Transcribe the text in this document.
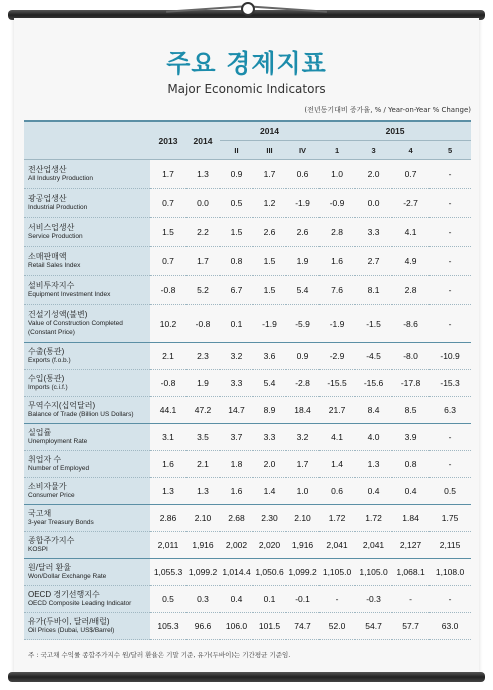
주요 경제지표
Major Economic Indicators
(전년동기대비 증가율, % / Year-on-Year % Change)
	2013	2014	2014			2015			
			II	III	IV	1	3	4	5

전산업생산
All Industry Production	1.7	1.3	0.9	1.7	0.6	1.0	2.0	0.7	-

광공업생산
Industrial Production	0.7	0.0	0.5	1.2	-1.9	-0.9	0.0	-2.7	-

서비스업생산
Service Production	1.5	2.2	1.5	2.6	2.6	2.8	3.3	4.1	-

소매판매액
Retail Sales Index	0.7	1.7	0.8	1.5	1.9	1.6	2.7	4.9	-

설비투자지수
Equipment Investment Index	-0.8	5.2	6.7	1.5	5.4	7.6	8.1	2.8	-

건설기성액(불변)
Value of Construction Completed
(Constant Price)	10.2	-0.8	0.1	-1.9	-5.9	-1.9	-1.5	-8.6	-

수출(통관)
Exports (f.o.b.)	2.1	2.3	3.2	3.6	0.9	-2.9	-4.5	-8.0	-10.9

수입(통관)
Imports (c.i.f.)	-0.8	1.9	3.3	5.4	-2.8	-15.5	-15.6	-17.8	-15.3

무역수지(십억달러)
Balance of Trade (Billion US Dollars)	44.1	47.2	14.7	8.9	18.4	21.7	8.4	8.5	6.3

실업률
Unemployment Rate	3.1	3.5	3.7	3.3	3.2	4.1	4.0	3.9	-

취업자 수
Number of Employed	1.6	2.1	1.8	2.0	1.7	1.4	1.3	0.8	-

소비자물가
Consumer Price	1.3	1.3	1.6	1.4	1.0	0.6	0.4	0.4	0.5

국고채
3-year Treasury Bonds	2.86	2.10	2.68	2.30	2.10	1.72	1.72	1.84	1.75

종합주가지수
KOSPI	2,011	1,916	2,002	2,020	1,916	2,041	2,041	2,127	2,115

원/달러 환율
Won/Dollar Exchange Rate	1,055.3	1,099.2	1,014.4	1,050.6	1,099.2	1,105.0	1,105.0	1,068.1	1,108.0

OECD 경기선행지수
OECD Composite Leading Indicator	0.5	0.3	0.4	0.1	-0.1	-	-0.3	-	-

유가(두바이, 달러/배럴)
Oil Prices (Dubai, US$/Barrel)	105.3	96.6	106.0	101.5	74.7	52.0	54.7	57.7	63.0
주 : 국고채 수익률 종합주가지수 원/달러 환율은 기말 기준, 유가(두바이)는 기간평균 기준임.
